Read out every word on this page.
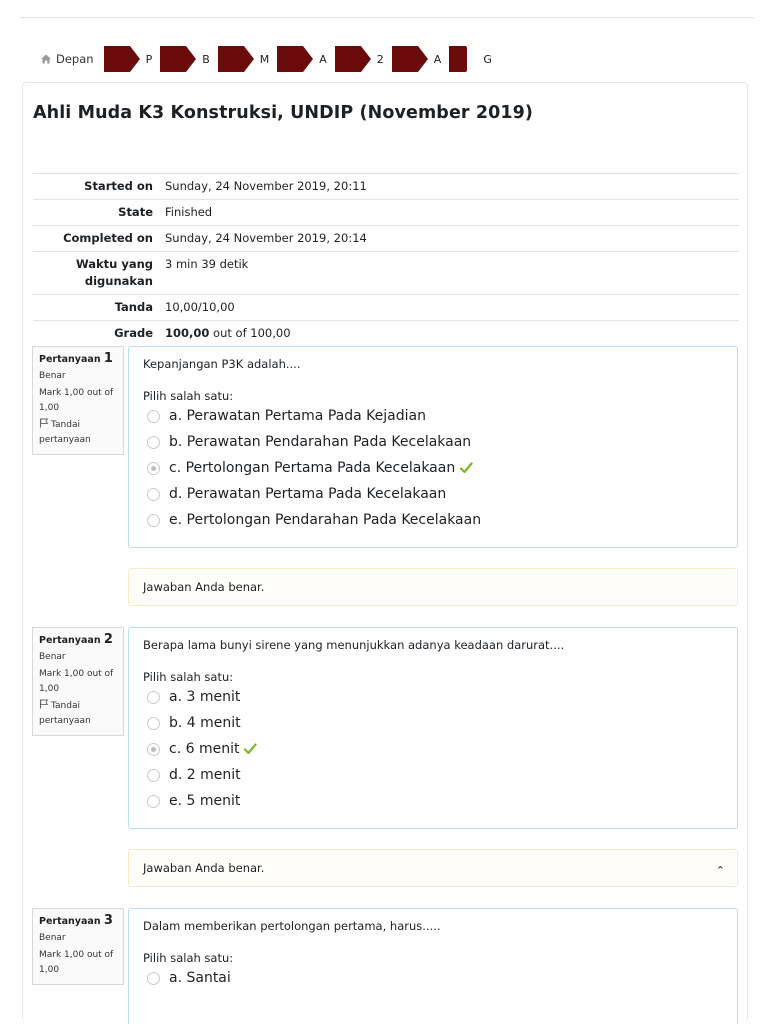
Depan	P	B	M	A	2	A	G
Ahli Muda K3 Konstruksi, UNDIP (November 2019)
Started on	Sunday, 24 November 2019, 20:11
State	Finished
Completed on	Sunday, 24 November 2019, 20:14
Waktu yang
digunakan
3 min 39 detik
Tanda	10,00/10,00
Grade	100,00 out of 100,00
Pertanyaan 1
Benar
Mark 1,00 out of 1,00
Tandai
pertanyaan
Kepanjangan P3K adalah....
Pilih salah satu:
a. Perawatan Pertama Pada Kejadian
b. Perawatan Pendarahan Pada Kecelakaan
c. Pertolongan Pertama Pada Kecelakaan
d. Perawatan Pertama Pada Kecelakaan
e. Pertolongan Pendarahan Pada Kecelakaan
Jawaban Anda benar.
Pertanyaan 2
Benar
Mark 1,00 out of 1,00
Tandai
pertanyaan
Berapa lama bunyi sirene yang menunjukkan adanya keadaan darurat....
Pilih salah satu:
a. 3 menit
b. 4 menit
c. 6 menit
d. 2 menit
e. 5 menit
Jawaban Anda benar.	⌃
Pertanyaan 3
Benar
Mark 1,00 out of 1,00
Dalam memberikan pertolongan pertama, harus.....
Pilih salah satu:
a. Santai
